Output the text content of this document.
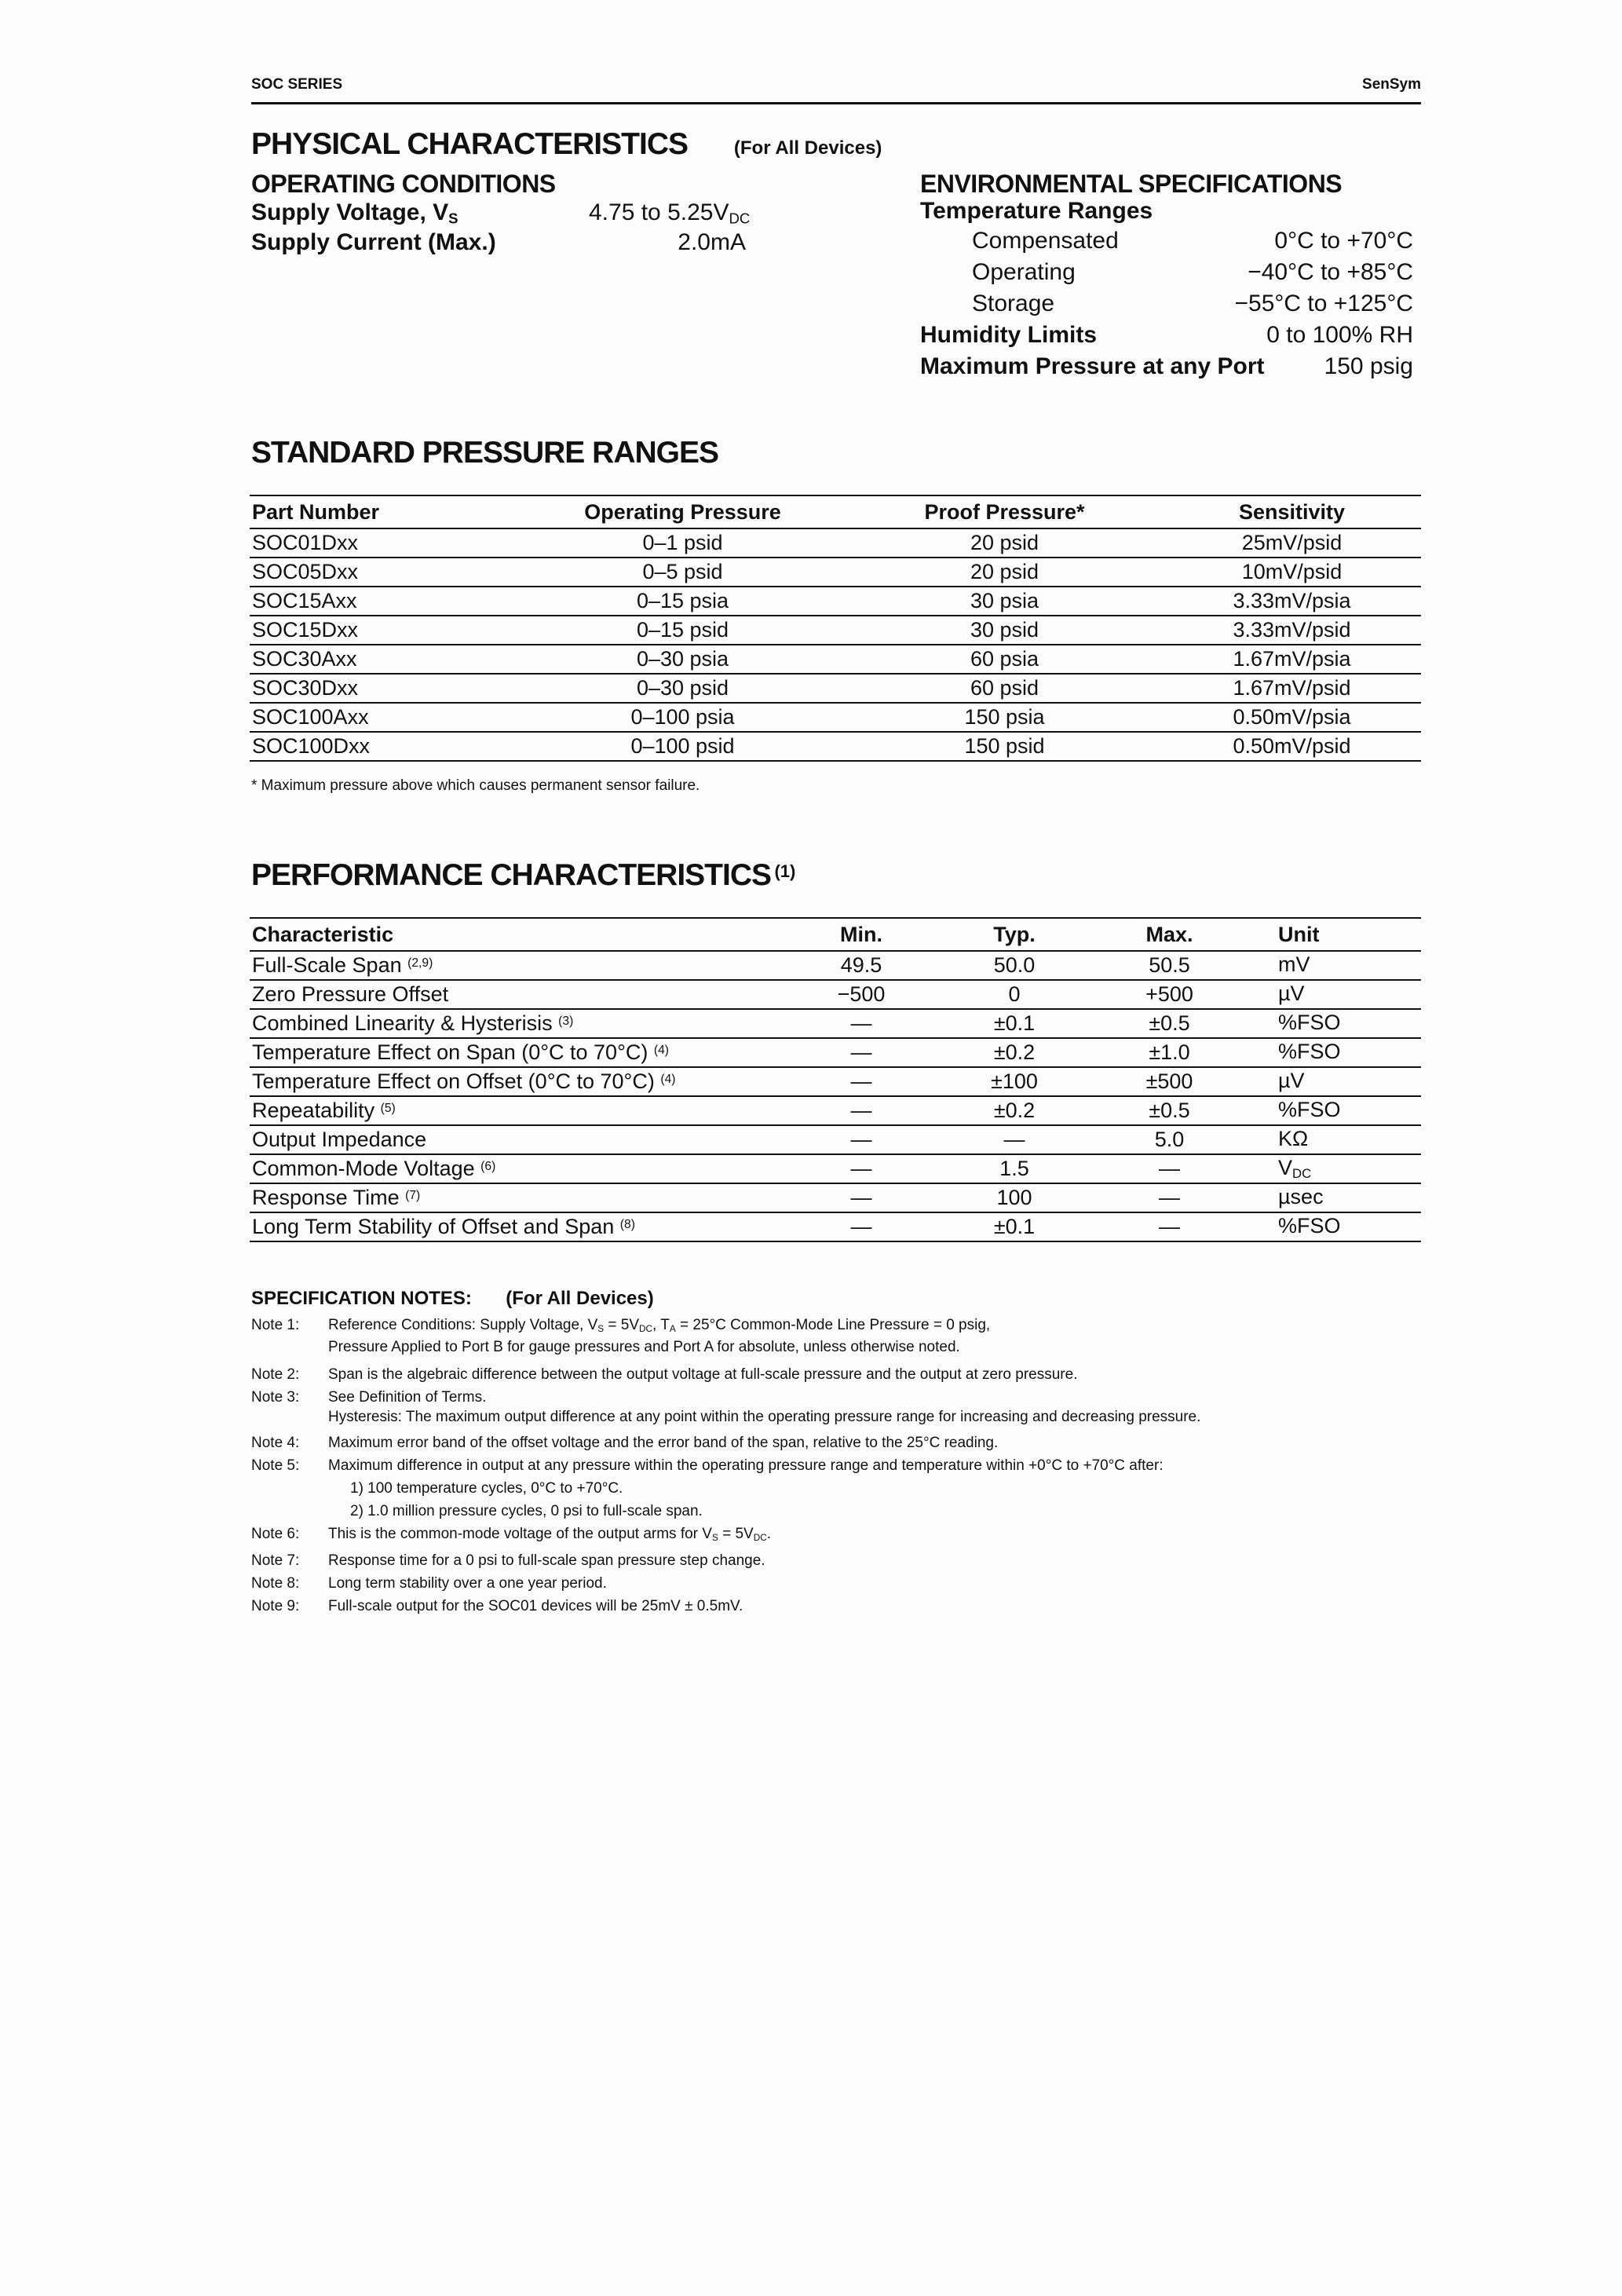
SOC SERIES	SenSym
PHYSICAL CHARACTERISTICS (For All Devices)
OPERATING CONDITIONS
Supply Voltage, $V_S$	4.75 to $5.25V_{DC}$
Supply Current (Max.)	2.0mA
ENVIRONMENTAL SPECIFICATIONS
Temperature Ranges
Compensated	0°C to +70°C
Operating	−40°C to +85°C
Storage	−55°C to +125°C
Humidity Limits	0 to 100% RH
Maximum Pressure at any Port	150 psig
STANDARD PRESSURE RANGES
Part Number	Operating Pressure	Proof Pressure*	Sensitivity
SOC01Dxx	0–1 psid	20 psid	25mV/psid
SOC05Dxx	0–5 psid	20 psid	10mV/psid
SOC15Axx	0–15 psia	30 psia	3.33mV/psia
SOC15Dxx	0–15 psid	30 psid	3.33mV/psid
SOC30Axx	0–30 psia	60 psia	1.67mV/psia
SOC30Dxx	0–30 psid	60 psid	1.67mV/psid
SOC100Axx	0–100 psia	150 psia	0.50mV/psia
SOC100Dxx	0–100 psid	150 psid	0.50mV/psid
* Maximum pressure above which causes permanent sensor failure.
PERFORMANCE CHARACTERISTICS (1)
Characteristic	Min.	Typ.	Max.	Unit
Full-Scale Span $^{(2,9)}$	49.5	50.0	50.5	mV
Zero Pressure Offset	−500	0	+500	µV
Combined Linearity & Hysterisis $^{(3)}$	—	±0.1	±0.5	%FSO
Temperature Effect on Span (0°C to 70°C) $^{(4)}$	—	±0.2	±1.0	%FSO
Temperature Effect on Offset (0°C to 70°C) $^{(4)}$	—	±100	±500	µV
Repeatability $^{(5)}$	—	±0.2	±0.5	%FSO
Output Impedance	—	—	5.0	KΩ
Common-Mode Voltage $^{(6)}$	—	1.5	—	$V_{DC}$
Response Time $^{(7)}$	—	100	—	µsec
Long Term Stability of Offset and Span $^{(8)}$	—	±0.1	—	%FSO
SPECIFICATION NOTES: (For All Devices)
Note 1:	Reference Conditions: Supply Voltage, $V_S = 5V_{DC}$, $T_A = 25^\circ C$ Common-Mode Line Pressure = 0 psig,
Pressure Applied to Port B for gauge pressures and Port A for absolute, unless otherwise noted.
Note 2:	Span is the algebraic difference between the output voltage at full-scale pressure and the output at zero pressure.
Note 3:	See Definition of Terms.
Hysteresis: The maximum output difference at any point within the operating pressure range for increasing and decreasing pressure.
Note 4:	Maximum error band of the offset voltage and the error band of the span, relative to the 25°C reading.
Note 5:	Maximum difference in output at any pressure within the operating pressure range and temperature within +0°C to +70°C after:
1) 100 temperature cycles, 0°C to +70°C.
2) 1.0 million pressure cycles, 0 psi to full-scale span.
Note 6:	This is the common-mode voltage of the output arms for $V_S = 5V_{DC}$.
Note 7:	Response time for a 0 psi to full-scale span pressure step change.
Note 8:	Long term stability over a one year period.
Note 9:	Full-scale output for the SOC01 devices will be 25mV ± 0.5mV.
